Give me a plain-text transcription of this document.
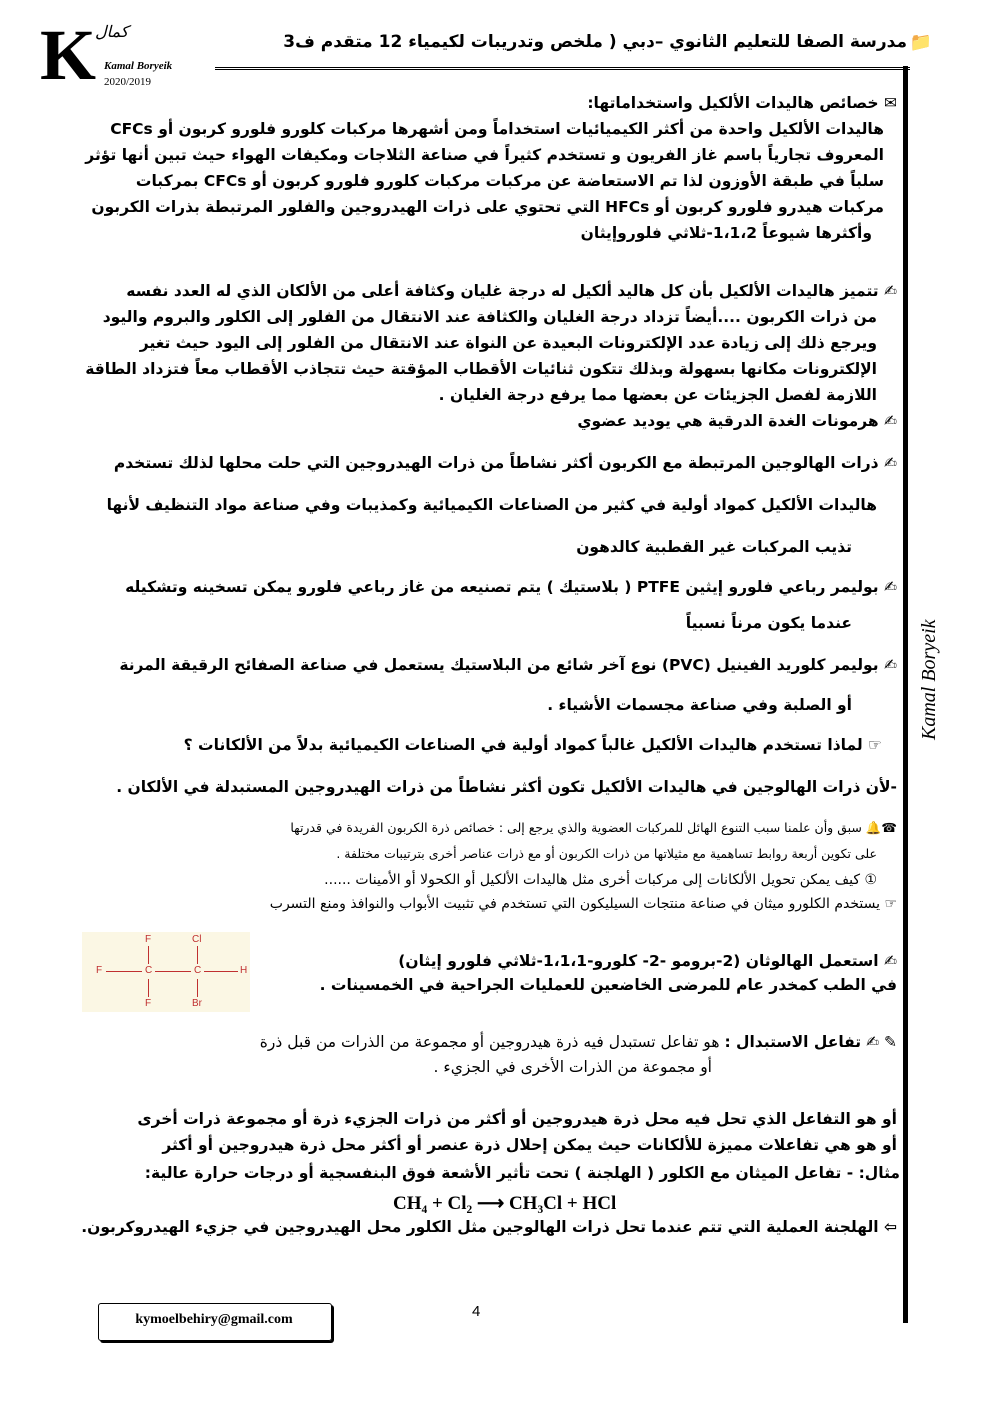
K
كمال
Kamal Boryeik
2020/2019
📁
مدرسة الصفا للتعليم الثانوي –دبي ( ملخص وتدريبات لكيمياء 12 متقدم ف3
Kamal Boryeik
✉ خصائص هاليدات الألكيل واستخداماتها:
هاليدات الألكيل واحدة من أكثر الكيميائيات استخداماً ومن أشهرها مركبات كلورو فلورو كربون أو CFCs
المعروف تجارياً باسم غاز الفريون و تستخدم كثيراً في صناعة الثلاجات ومكيفات الهواء حيث تبين أنها تؤثر
سلباً في طبقة الأوزون لذا تم الاستعاضة عن مركبات مركبات كلورو فلورو كربون أو CFCs بمركبات
مركبات هيدرو فلورو كربون أو HFCs التي تحتوي على ذرات الهيدروجين والفلور المرتبطة بذرات الكربون
وأكثرها شيوعاً 1،1،2-ثلاثي فلوروإيثان
✍ تتميز هاليدات الألكيل بأن كل هاليد ألكيل له درجة غليان وكثافة أعلى من الألكان الذي له العدد نفسه
من ذرات الكربون ....أيضاً تزداد درجة الغليان والكثافة عند الانتقال من الفلور إلى الكلور والبروم واليود
ويرجع ذلك إلى زيادة عدد الإلكترونات البعيدة عن النواة عند الانتقال من الفلور إلى اليود حيث تغير
الإلكترونات مكانها بسهولة وبذلك تتكون ثنائيات الأقطاب المؤقتة حيث تتجاذب الأقطاب معاً فتزداد الطاقة
اللازمة لفصل الجزيئات عن بعضها مما يرفع درجة الغليان .
✍ هرمونات الغدة الدرقية هي يوديد عضوي
✍ ذرات الهالوجين المرتبطة مع الكربون أكثر نشاطاً من ذرات الهيدروجين التي حلت محلها لذلك تستخدم
هاليدات الألكيل كمواد أولية في كثير من الصناعات الكيميائية وكمذيبات وفي صناعة مواد التنظيف لأنها
تذيب المركبات غير القطبية كالدهون
✍ بوليمر رباعي فلورو إيثين PTFE ( بلاستيك ) يتم تصنيعه من غاز رباعي فلورو يمكن تسخينه وتشكيله
عندما يكون مرناً نسبياً
✍ بوليمر كلوريد الفينيل (PVC) نوع آخر شائع من البلاستيك يستعمل في صناعة الصفائح الرقيقة المرنة
أو الصلبة وفي صناعة مجسمات الأشياء .
☞ لماذا تستخدم هاليدات الألكيل غالباً كمواد أولية في الصناعات الكيميائية بدلاً من الألكانات ؟
-لأن ذرات الهالوجين في هاليدات الألكيل تكون أكثر نشاطاً من ذرات الهيدروجين المستبدلة في الألكان .
☎🔔 سبق وأن علمنا سبب التنوع الهائل للمركبات العضوية والذي يرجع إلى : خصائص ذرة الكربون الفريدة في قدرتها
على تكوين أربعة روابط تساهمية مع مثيلاتها من ذرات الكربون أو مع ذرات عناصر أخرى بترتيبات مختلفة .
① كيف يمكن تحويل الألكانات إلى مركبات أخرى مثل هاليدات الألكيل أو الكحولا أو الأمينات ......
☞ يستخدم الكلورو ميثان في صناعة منتجات السيليكون التي تستخدم في تثبيت الأبواب والنوافذ ومنع التسرب
F	Cl
F	C	C	H
F	Br
✍ استعمل الهالوثان (2-برومو -2- كلورو-1،1،1-ثلاثي فلورو إيثان)
في الطب كمخدر عام للمرضى الخاضعين للعمليات الجراحية في الخمسينات .
✎ ✍ تفاعل الاستبدال : هو تفاعل تستبدل فيه ذرة هيدروجين أو مجموعة من الذرات من قبل ذرة
أو مجموعة من الذرات الأخرى في الجزيء .
أو هو التفاعل الذي تحل فيه محل ذرة هيدروجين أو أكثر من ذرات الجزيء ذرة أو مجموعة ذرات أخرى
أو هو هي تفاعلات مميزة للألكانات حيث يمكن إحلال ذرة عنصر أو أكثر محل ذرة هيدروجين أو أكثر
مثال: - تفاعل الميثان مع الكلور ( الهلجنة ) تحت تأثير الأشعة فوق البنفسجية أو درجات حرارة عالية:
CH₄ + Cl₂ ⟶ CH₃Cl + HCl
⇦ الهلجنة العملية التي تتم عندما تحل ذرات الهالوجين مثل الكلور محل الهيدروجين في جزيء الهيدروكربون.
kymoelbehiry@gmail.com	4
